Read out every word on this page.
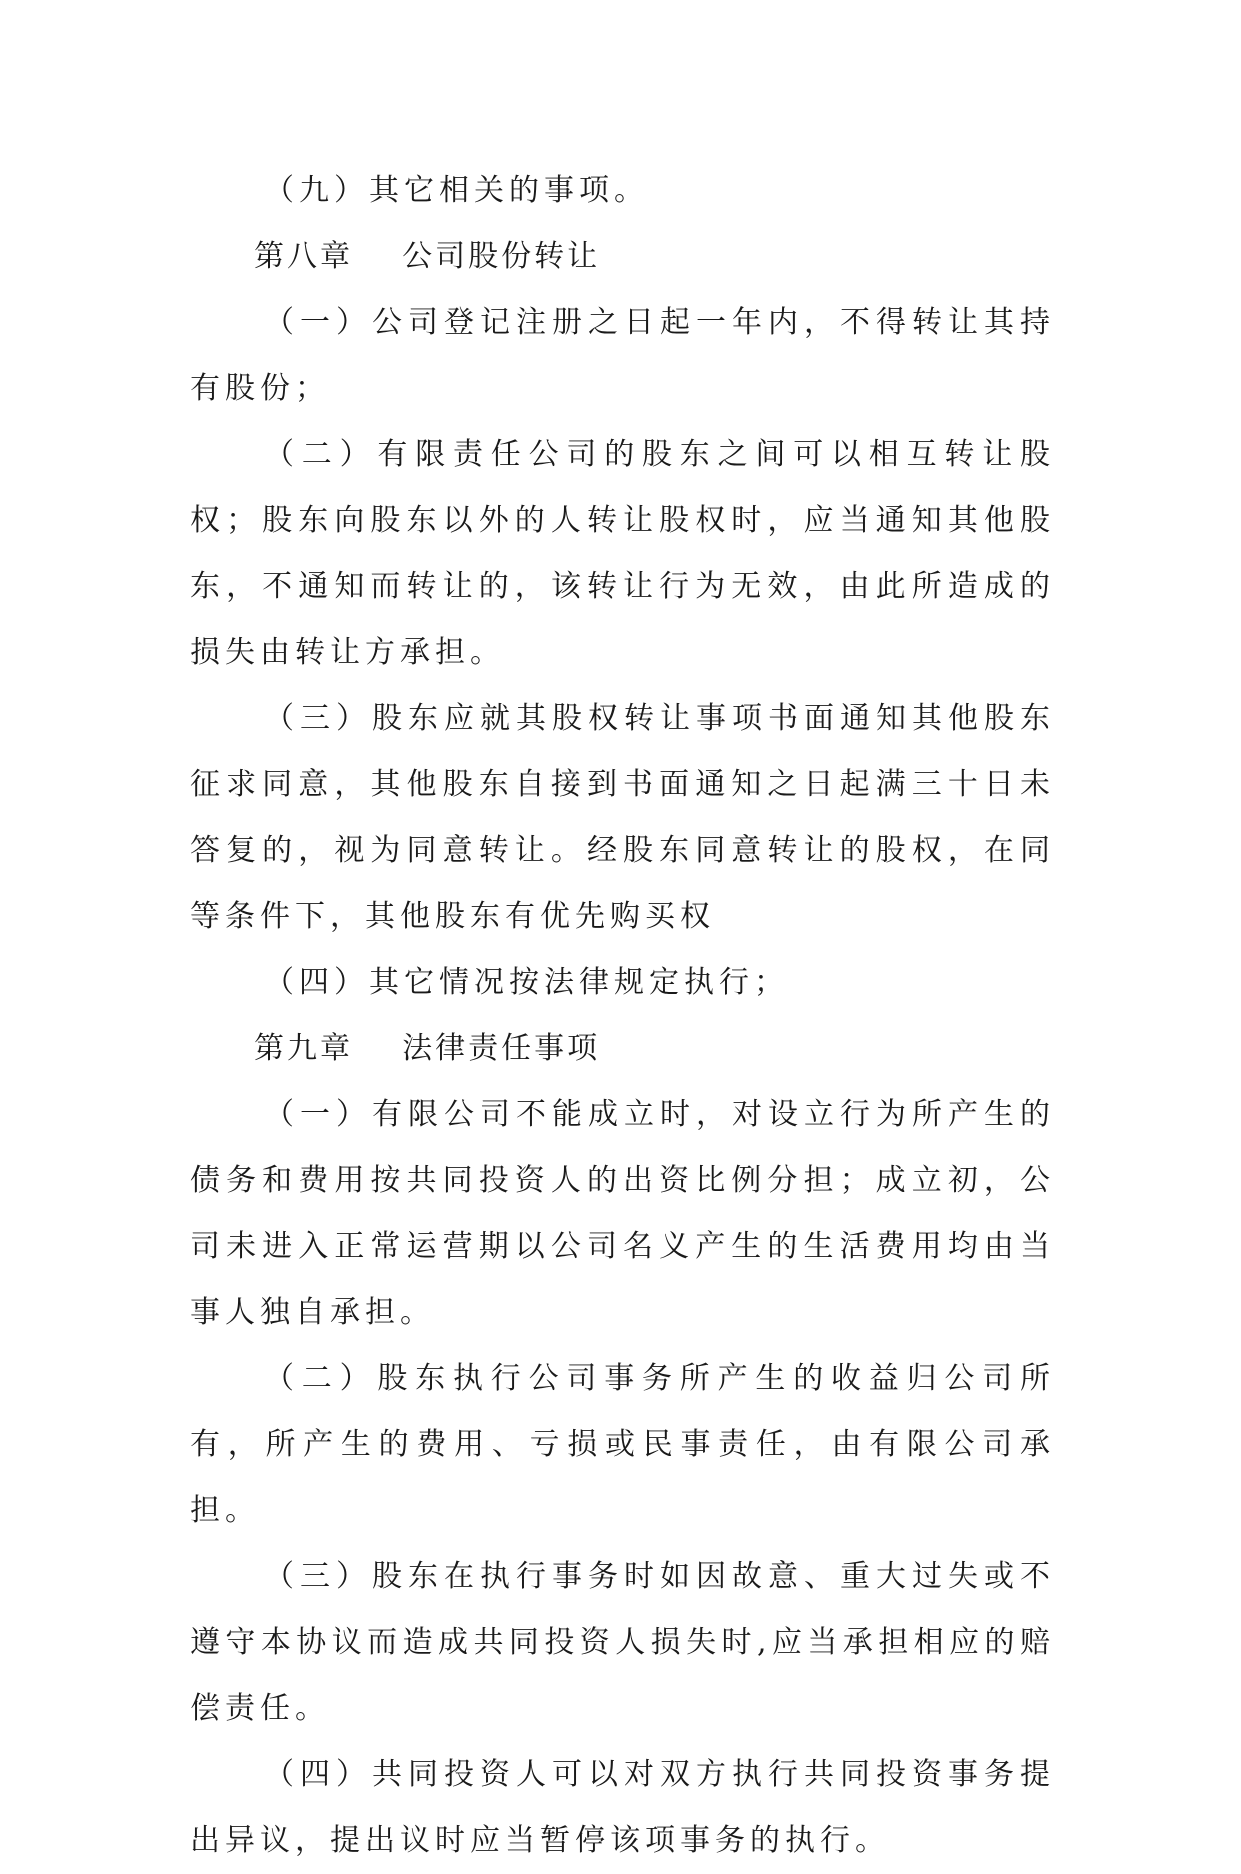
（九）其它相关的事项。

第八章  公司股份转让

（一）公司登记注册之日起一年内，不得转让其持有股份；

（二）有限责任公司的股东之间可以相互转让股权；股东向股东以外的人转让股权时，应当通知其他股东，不通知而转让的，该转让行为无效，由此所造成的损失由转让方承担。

（三）股东应就其股权转让事项书面通知其他股东征求同意，其他股东自接到书面通知之日起满三十日未答复的，视为同意转让。经股东同意转让的股权，在同等条件下，其他股东有优先购买权

（四）其它情况按法律规定执行；

第九章  法律责任事项

（一）有限公司不能成立时，对设立行为所产生的债务和费用按共同投资人的出资比例分担；成立初，公司未进入正常运营期以公司名义产生的生活费用均由当事人独自承担。

（二）股东执行公司事务所产生的收益归公司所有，所产生的费用、亏损或民事责任，由有限公司承担。

（三）股东在执行事务时如因故意、重大过失或不遵守本协议而造成共同投资人损失时,应当承担相应的赔偿责任。

（四）共同投资人可以对双方执行共同投资事务提出异议，提出议时应当暂停该项事务的执行。
